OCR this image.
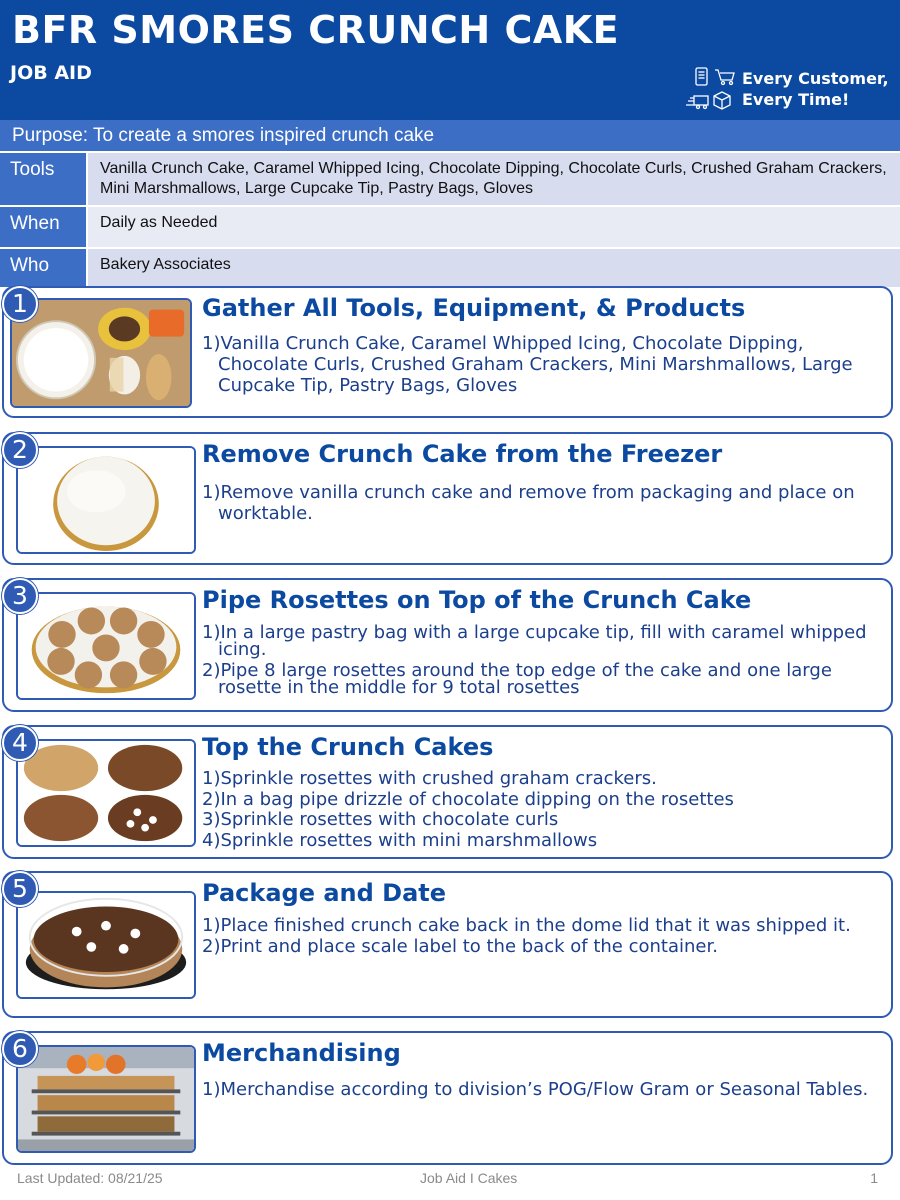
BFR SMORES CRUNCH CAKE
JOB AID	Every Customer,
Every Time!
Purpose: To create a smores inspired crunch cake
Tools	Vanilla Crunch Cake, Caramel Whipped Icing, Chocolate Dipping, Chocolate Curls, Crushed Graham Crackers, Mini Marshmallows, Large Cupcake Tip, Pastry Bags, Gloves
When	Daily as Needed
Who	Bakery Associates
1	Gather All Tools, Equipment, & Products
1)Vanilla Crunch Cake, Caramel Whipped Icing, Chocolate Dipping, Chocolate Curls, Crushed Graham Crackers, Mini Marshmallows, Large Cupcake Tip, Pastry Bags, Gloves
2	Remove Crunch Cake from the Freezer
1)Remove vanilla crunch cake and remove from packaging and place on worktable.
3	Pipe Rosettes on Top of the Crunch Cake
1)In a large pastry bag with a large cupcake tip, fill with caramel whipped icing.
2)Pipe 8 large rosettes around the top edge of the cake and one large rosette in the middle for 9 total rosettes
4	Top the Crunch Cakes
1)Sprinkle rosettes with crushed graham crackers.
2)In a bag pipe drizzle of chocolate dipping on the rosettes
3)Sprinkle rosettes with chocolate curls
4)Sprinkle rosettes with mini marshmallows
5	Package and Date
1)Place finished crunch cake back in the dome lid that it was shipped it.
2)Print and place scale label to the back of the container.
6	Merchandising
1)Merchandise according to division’s POG/Flow Gram or Seasonal Tables.
Last Updated: 08/21/25	Job Aid I Cakes	1
